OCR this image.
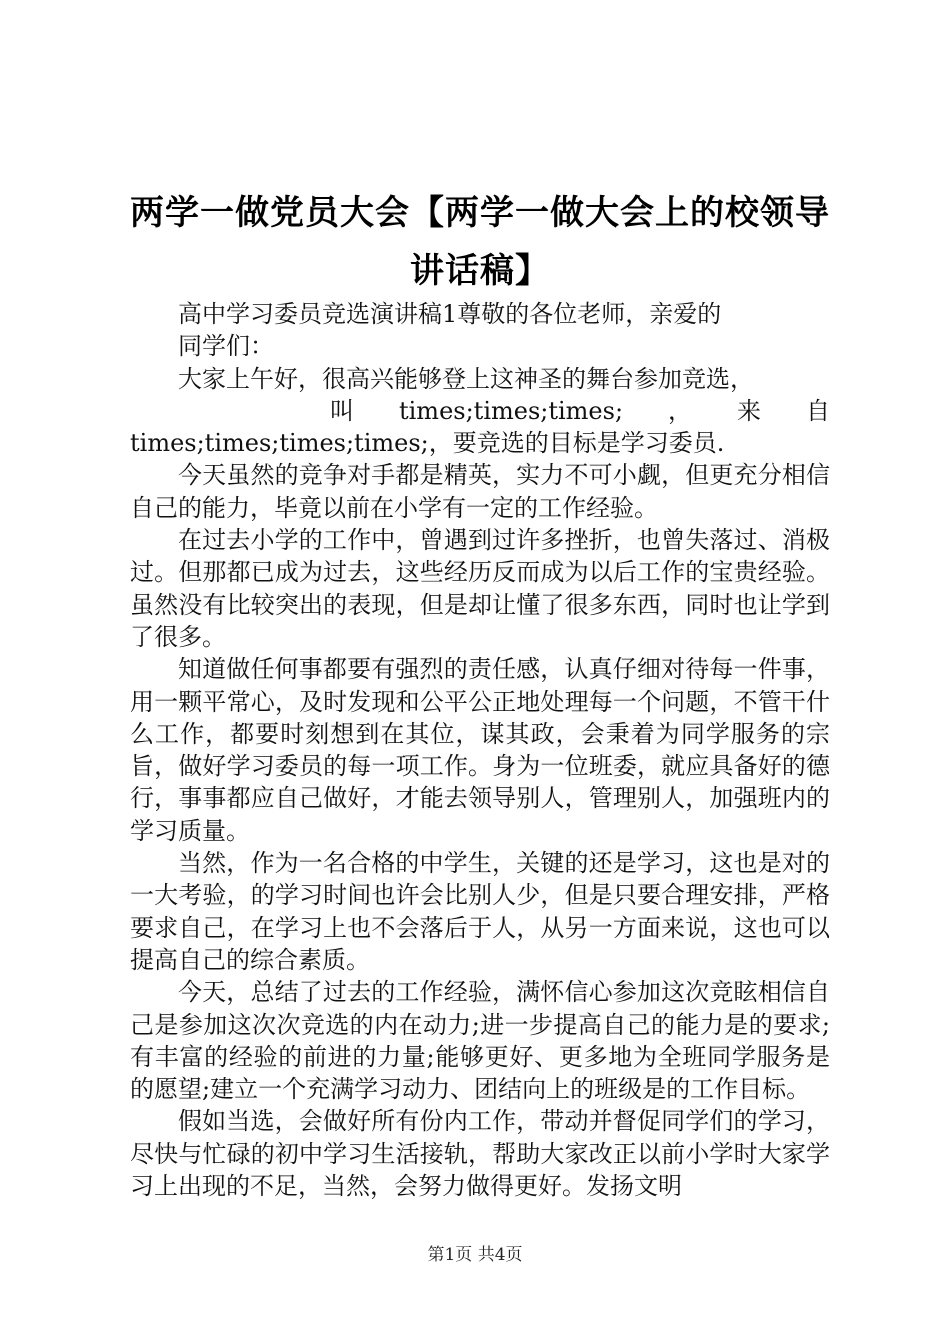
两学一做党员大会【两学一做大会上的校领导
讲话稿】
高中学习委员竞选演讲稿1尊敬的各位老师，亲爱的
同学们：
大家上午好，很高兴能够登上这神圣的舞台参加竞选，
叫 times;times;times; ， 来 自
times;times;times;times;，要竞选的目标是学习委员.

今天虽然的竞争对手都是精英，实力不可小觑，但更充分相信自己的能力，毕竟以前在小学有一定的工作经验。

在过去小学的工作中，曾遇到过许多挫折，也曾失落过、消极过。但那都已成为过去，这些经历反而成为以后工作的宝贵经验。虽然没有比较突出的表现，但是却让懂了很多东西，同时也让学到了很多。

知道做任何事都要有强烈的责任感，认真仔细对待每一件事，用一颗平常心，及时发现和公平公正地处理每一个问题，不管干什么工作，都要时刻想到在其位，谋其政，会秉着为同学服务的宗旨，做好学习委员的每一项工作。身为一位班委，就应具备好的德行，事事都应自己做好，才能去领导别人，管理别人，加强班内的学习质量。

当然，作为一名合格的中学生，关键的还是学习，这也是对的一大考验，的学习时间也许会比别人少，但是只要合理安排，严格要求自己，在学习上也不会落后于人，从另一方面来说，这也可以提高自己的综合素质。

今天，总结了过去的工作经验，满怀信心参加这次竞眩相信自己是参加这次次竞选的内在动力;进一步提高自己的能力是的要求;有丰富的经验的前进的力量;能够更好、更多地为全班同学服务是的愿望;建立一个充满学习动力、团结向上的班级是的工作目标。

假如当选，会做好所有份内工作，带动并督促同学们的学习，尽快与忙碌的初中学习生活接轨，帮助大家改正以前小学时大家学习上出现的不足，当然，会努力做得更好。发扬文明

第1页 共4页
